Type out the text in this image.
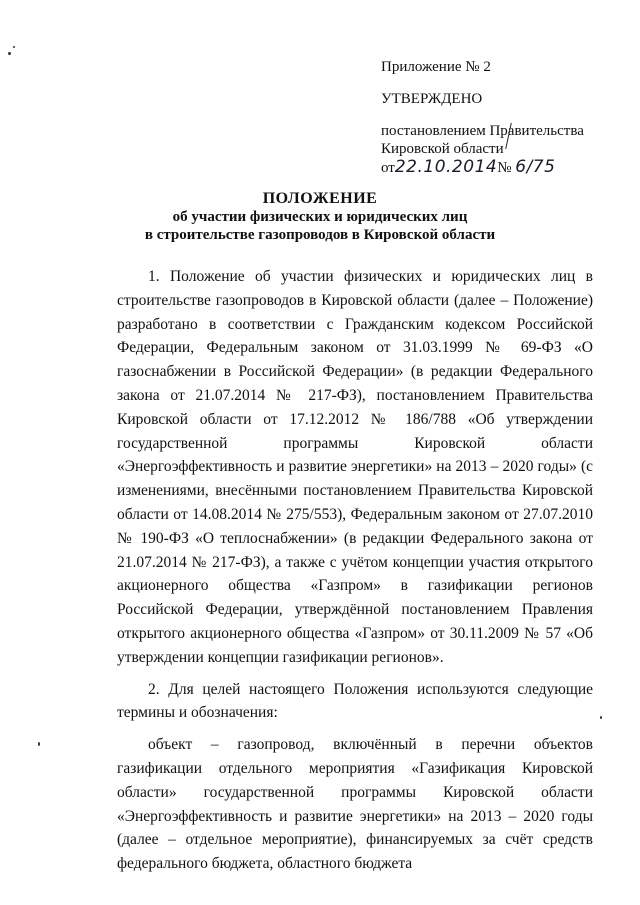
Приложение № 2
УТВЕРЖДЕНО
постановлением Правительства
Кировской области
от22.10.2014№ 6/75
ПОЛОЖЕНИЕ
об участии физических и юридических лиц
в строительстве газопроводов в Кировской области

1. Положение об участии физических и юридических лиц в строительстве газопроводов в Кировской области (далее – Положение) разработано в соответствии с Гражданским кодексом Российской Федерации, Федеральным законом от 31.03.1999 № 69-ФЗ «О газоснабжении в Российской Федерации» (в редакции Федерального закона от 21.07.2014 № 217-ФЗ), постановлением Правительства Кировской области от 17.12.2012 № 186/788 «Об утверждении государственной программы Кировской области «Энергоэффективность и развитие энергетики» на 2013 – 2020 годы» (с изменениями, внесёнными постановлением Правительства Кировской области от 14.08.2014 № 275/553), Федеральным законом от 27.07.2010 № 190-ФЗ «О теплоснабжении» (в редакции Федерального закона от 21.07.2014 № 217-ФЗ), а также с учётом концепции участия открытого акционерного общества «Газпром» в газификации регионов Российской Федерации, утверждённой постановлением Правления открытого акционерного общества «Газпром» от 30.11.2009 № 57 «Об утверждении концепции газификации регионов».

2. Для целей настоящего Положения используются следующие термины и обозначения:

объект – газопровод, включённый в перечни объектов газификации отдельного мероприятия «Газификация Кировской области» государственной программы Кировской области «Энергоэффективность и развитие энергетики» на 2013 – 2020 годы (далее – отдельное мероприятие), финансируемых за счёт средств федерального бюджета, областного бюджета
